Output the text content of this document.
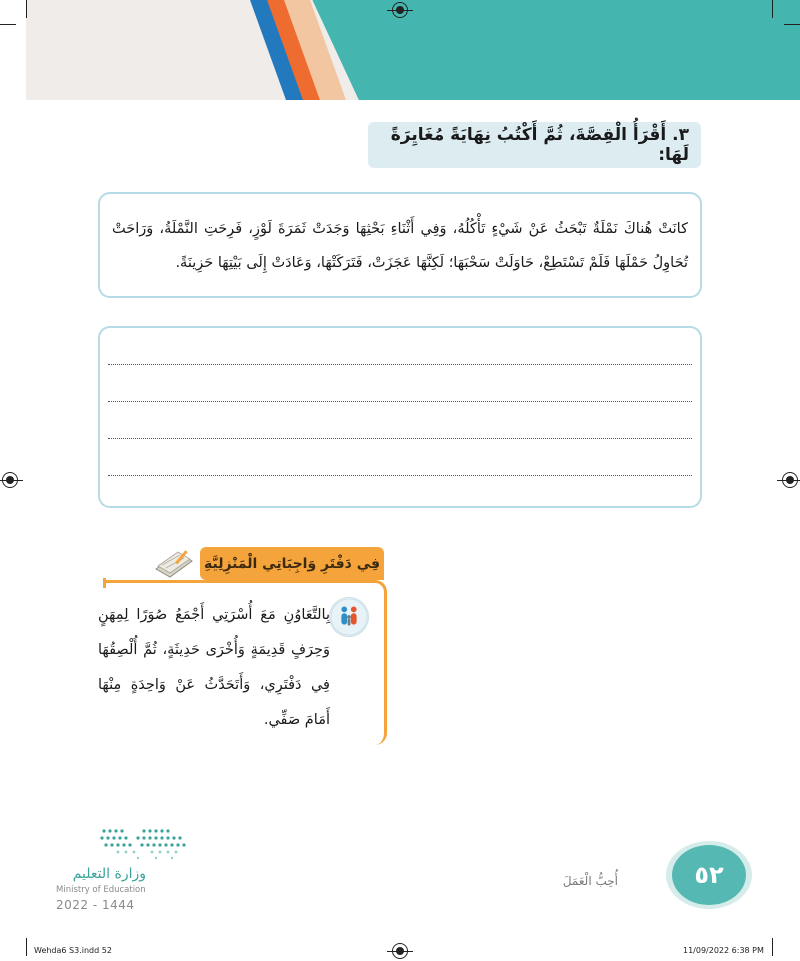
٣. أَقْرَأُ الْقِصَّةَ، ثُمَّ أَكْتُبُ نِهَايَةً مُغَايِرَةً لَهَا:

كانَتْ هُناكَ نَمْلَةٌ تَبْحَثُ عَنْ شَيْءٍ تَأْكُلُهُ، وَفِي أَثْنَاءِ بَحْثِهَا وَجَدَتْ ثَمَرَةَ لَوْزٍ، فَرِحَتِ النَّمْلَةُ، وَرَاحَتْ تُحَاوِلُ حَمْلَهَا فَلَمْ تَسْتَطِعْ، حَاوَلَتْ سَحْبَهَا؛ لَكِنَّهَا عَجَزَتْ، فَتَرَكَتْهَا، وَعَادَتْ إِلَى بَيْتِهَا حَزِينَةً.

فِي دَفْتَرِ وَاجِبَاتِي الْمَنْزِلِيَّةِ
بِالتَّعَاوُنِ مَعَ أُسْرَتِي أَجْمَعُ صُوَرًا لِمِهَنٍ وَحِرَفٍ قَدِيمَةٍ وَأُخْرَى حَدِيثَةٍ، ثُمَّ أُلْصِقُهَا فِي دَفْتَرِي، وَأَتَحَدَّثُ عَنْ وَاحِدَةٍ مِنْهَا أَمَامَ صَفِّي.
وزارة التعليم
Ministry of Education
2022 - 1444
أُحِبُّ الْعَمَلَ	٥٢
Wehda6 S3.indd 52	11/09/2022 6:38 PM
